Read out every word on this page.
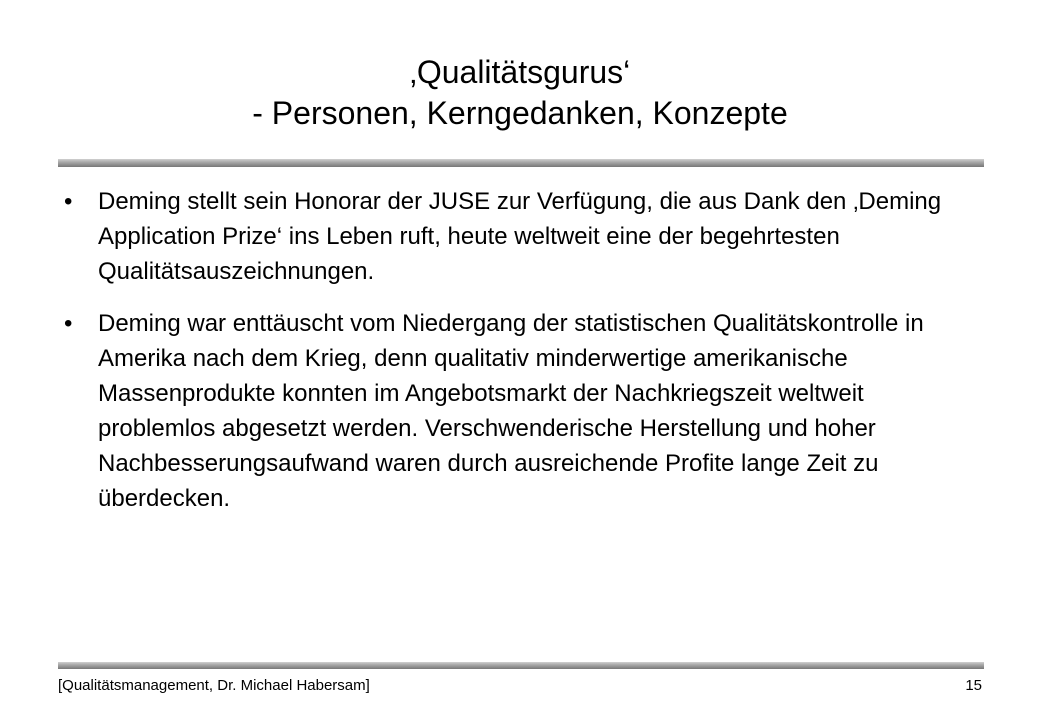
‚Qualitätsgurus‘
- Personen, Kerngedanken, Konzepte
• Deming stellt sein Honorar der JUSE zur Verfügung, die aus Dank den ‚Deming Application Prize‘ ins Leben ruft, heute weltweit eine der begehrtesten Qualitätsauszeichnungen.
• Deming war enttäuscht vom Niedergang der statistischen Qualitätskontrolle in Amerika nach dem Krieg, denn qualitativ minderwertige amerikanische Massenprodukte konnten im Angebotsmarkt der Nachkriegszeit weltweit problemlos abgesetzt werden. Verschwenderische Herstellung und hoher Nachbesserungsaufwand waren durch ausreichende Profite lange Zeit zu überdecken.
[Qualitätsmanagement, Dr. Michael Habersam]	15
